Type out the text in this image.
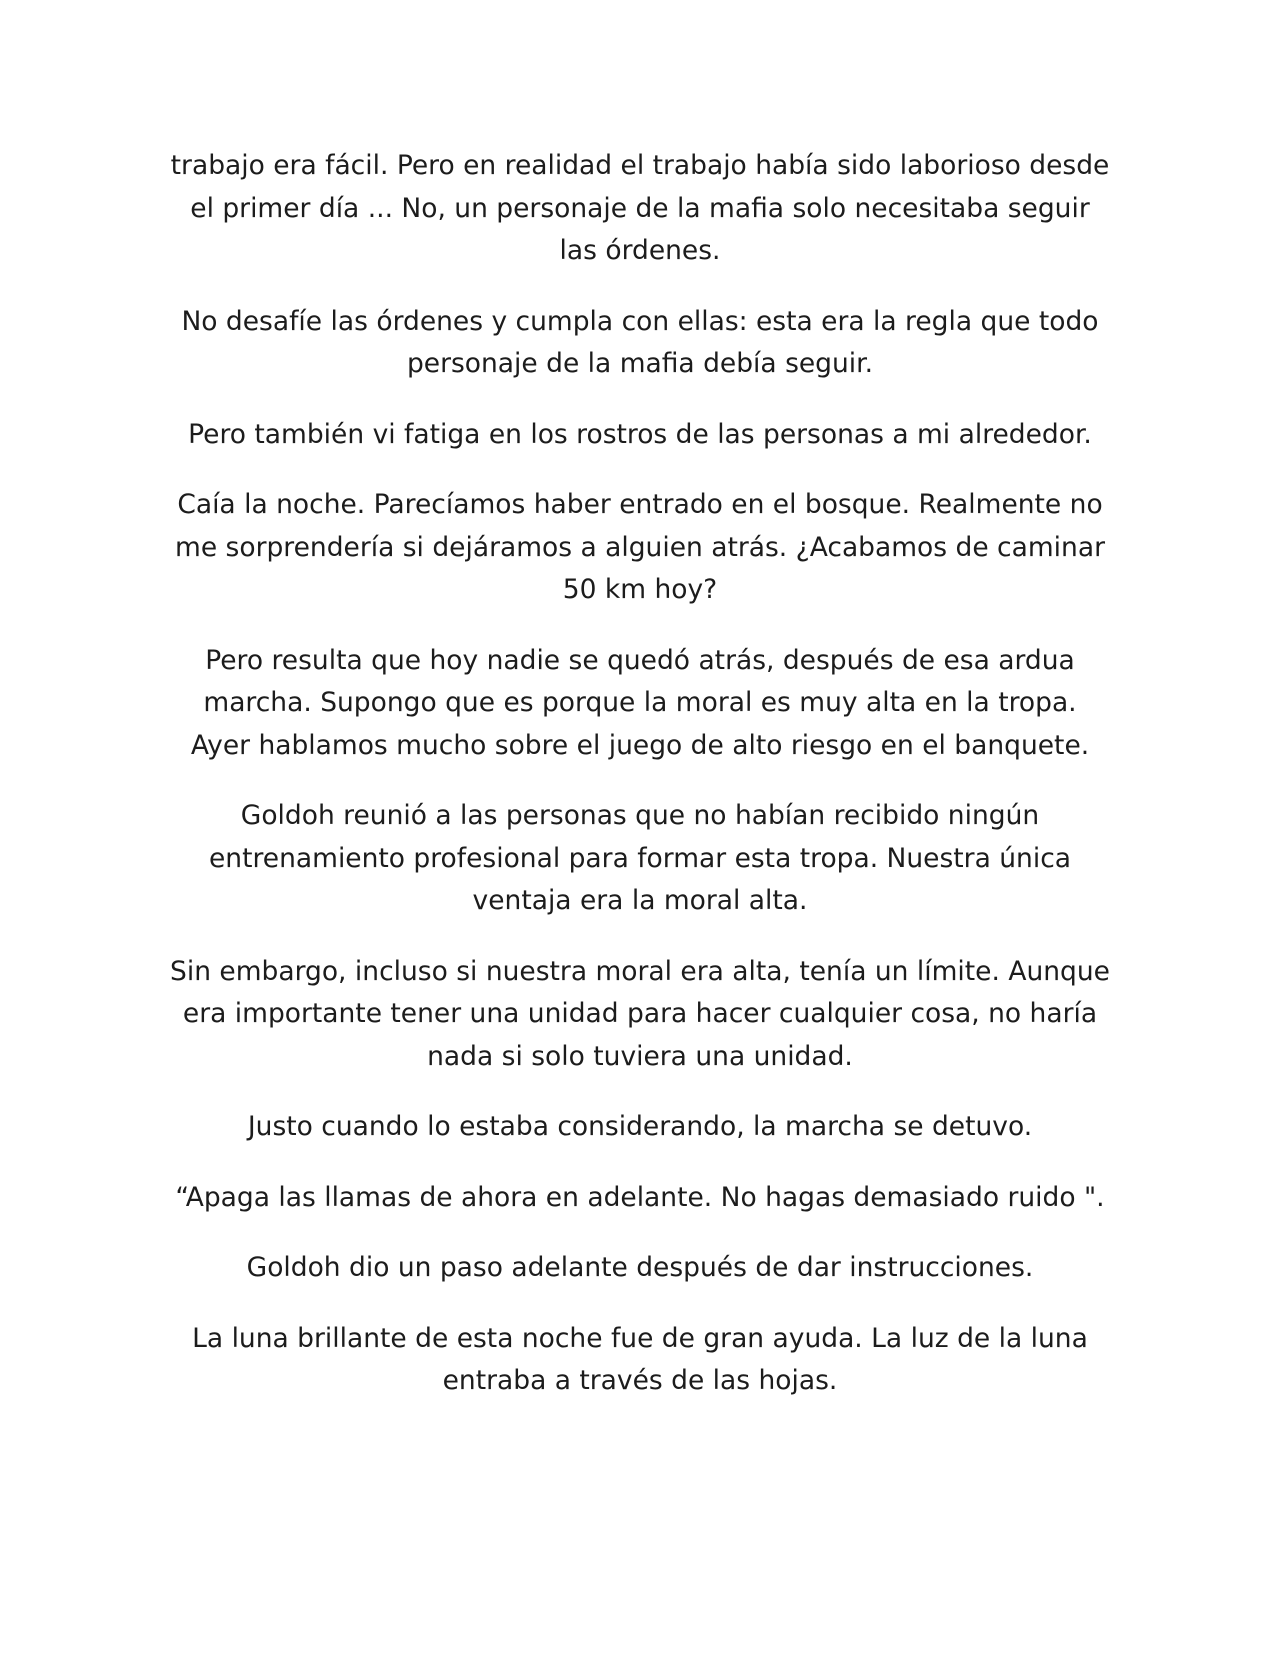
trabajo era fácil. Pero en realidad el trabajo había sido laborioso desde el primer día ... No, un personaje de la mafia solo necesitaba seguir las órdenes.

No desafíe las órdenes y cumpla con ellas: esta era la regla que todo personaje de la mafia debía seguir.

Pero también vi fatiga en los rostros de las personas a mi alrededor.

Caía la noche. Parecíamos haber entrado en el bosque. Realmente no me sorprendería si dejáramos a alguien atrás. ¿Acabamos de caminar 50 km hoy?

Pero resulta que hoy nadie se quedó atrás, después de esa ardua marcha. Supongo que es porque la moral es muy alta en la tropa. Ayer hablamos mucho sobre el juego de alto riesgo en el banquete.

Goldoh reunió a las personas que no habían recibido ningún entrenamiento profesional para formar esta tropa. Nuestra única ventaja era la moral alta.

Sin embargo, incluso si nuestra moral era alta, tenía un límite. Aunque era importante tener una unidad para hacer cualquier cosa, no haría nada si solo tuviera una unidad.

Justo cuando lo estaba considerando, la marcha se detuvo.

“Apaga las llamas de ahora en adelante. No hagas demasiado ruido ".

Goldoh dio un paso adelante después de dar instrucciones.

La luna brillante de esta noche fue de gran ayuda. La luz de la luna entraba a través de las hojas.
